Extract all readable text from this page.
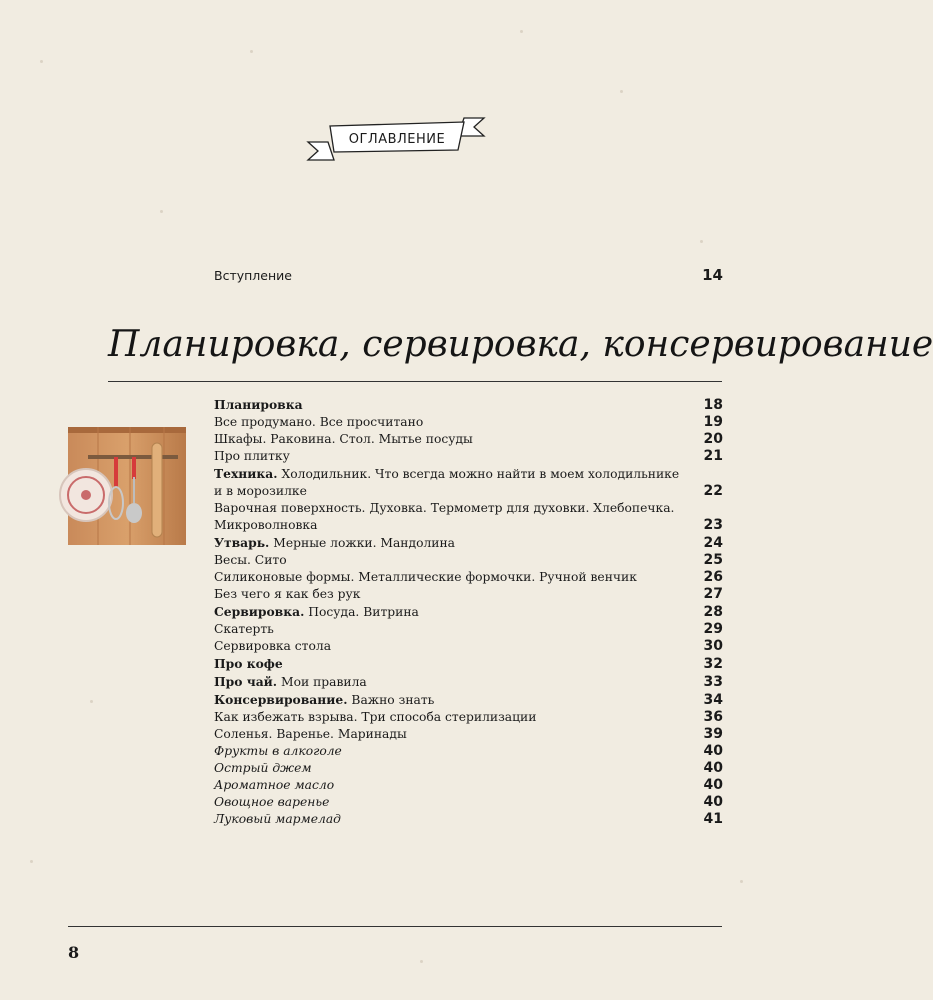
ОГЛАВЛЕНИЕ
Вступление	14
Планировка, сервировка, консервирование
Планировка	18
Все продумано. Все просчитано	19
Шкафы. Раковина. Стол. Мытье посуды	20
Про плитку	21
Техника. Холодильник. Что всегда можно найти в моем холодильнике и в морозилке	22
Варочная поверхность. Духовка. Термометр для духовки. Хлебопечка. Микроволновка	23
Утварь. Мерные ложки. Мандолина	24
Весы. Сито	25
Силиконовые формы. Металлические формочки. Ручной венчик	26
Без чего я как без рук	27
Сервировка. Посуда. Витрина	28
Скатерть	29
Сервировка стола	30
Про кофе	32
Про чай. Мои правила	33
Консервирование. Важно знать	34
Как избежать взрыва. Три способа стерилизации	36
Соленья. Варенье. Маринады	39
Фрукты в алкоголе	40
Острый джем	40
Ароматное масло	40
Овощное варенье	40
Луковый мармелад	41
8
